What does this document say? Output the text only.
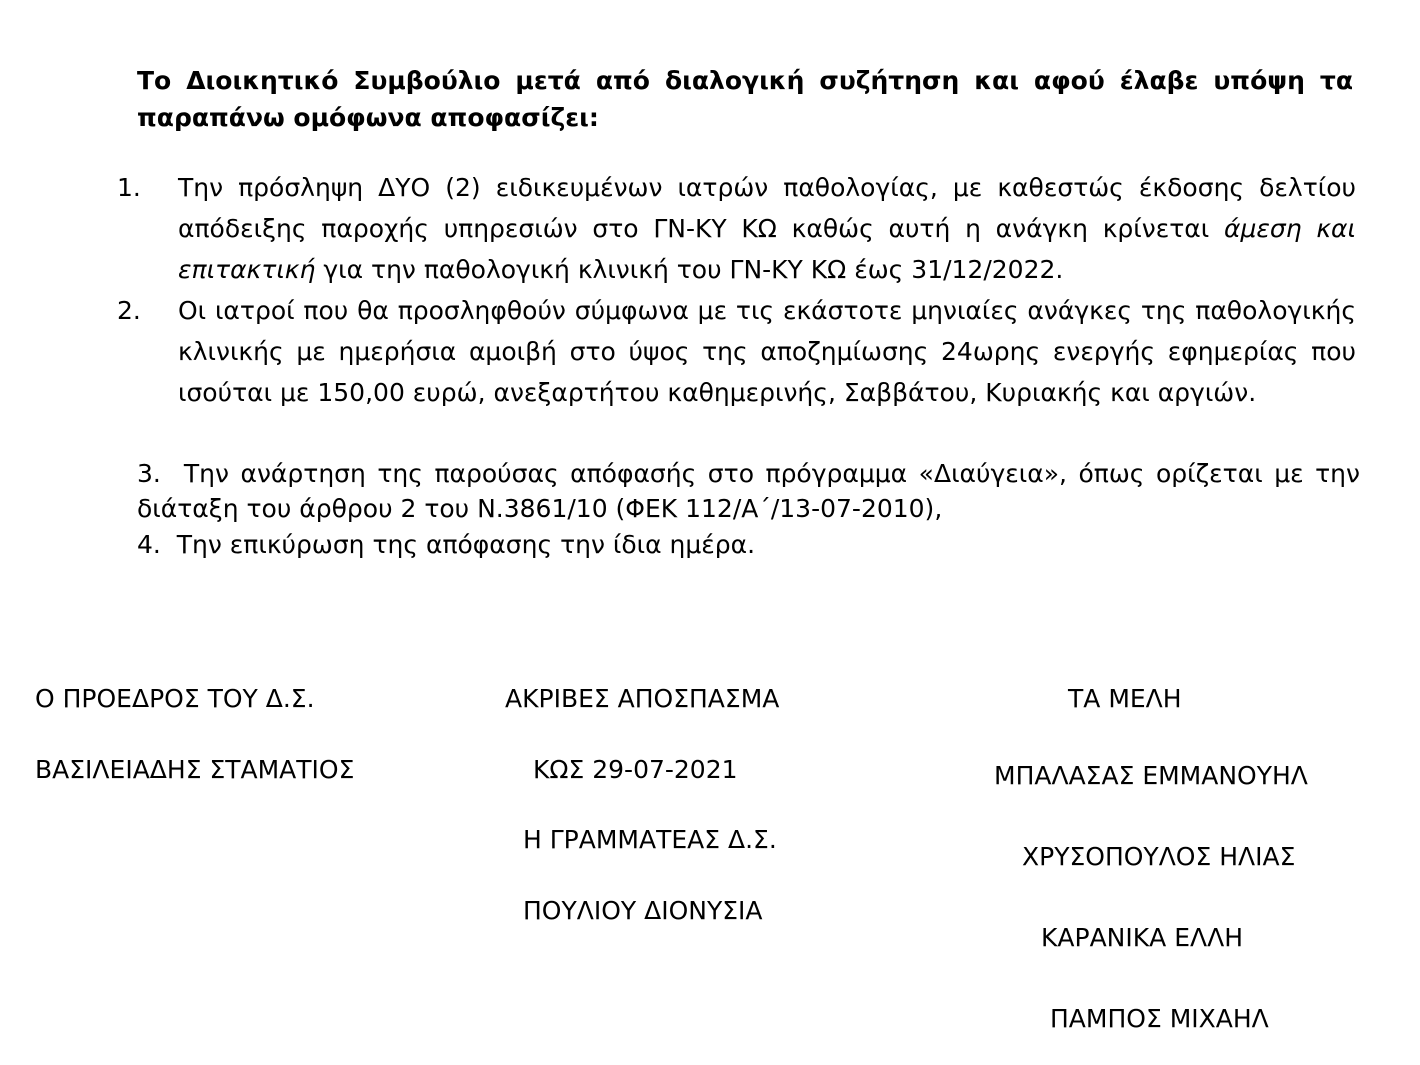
Το Διοικητικό Συμβούλιο μετά από διαλογική συζήτηση και αφού έλαβε υπόψη τα παραπάνω ομόφωνα αποφασίζει:
1. Την πρόσληψη ΔΥΟ (2) ειδικευμένων ιατρών παθολογίας, με καθεστώς έκδοσης δελτίου απόδειξης παροχής υπηρεσιών στο ΓΝ-ΚΥ ΚΩ καθώς αυτή η ανάγκη κρίνεται άμεση και επιτακτική για την παθολογική κλινική του ΓΝ-ΚΥ ΚΩ έως 31/12/2022.
2. Οι ιατροί που θα προσληφθούν σύμφωνα με τις εκάστοτε μηνιαίες ανάγκες της παθολογικής κλινικής με ημερήσια αμοιβή στο ύψος της αποζημίωσης 24ωρης ενεργής εφημερίας που ισούται με 150,00 ευρώ, ανεξαρτήτου καθημερινής, Σαββάτου, Κυριακής και αργιών.
3. Την ανάρτηση της παρούσας απόφασής στο πρόγραμμα «Διαύγεια», όπως ορίζεται με την διάταξη του άρθρου 2 του Ν.3861/10 (ΦΕΚ 112/Α΄/13-07-2010),
4. Την επικύρωση της απόφασης την ίδια ημέρα.
Ο ΠΡΟΕΔΡΟΣ ΤΟΥ Δ.Σ.
ΒΑΣΙΛΕΙΑΔΗΣ ΣΤΑΜΑΤΙΟΣ
ΑΚΡΙΒΕΣ ΑΠΟΣΠΑΣΜΑ
ΚΩΣ 29-07-2021
Η ΓΡΑΜΜΑΤΕΑΣ Δ.Σ.
ΠΟΥΛΙΟΥ ΔΙΟΝΥΣΙΑ
ΤΑ ΜΕΛΗ
ΜΠΑΛΑΣΑΣ ΕΜΜΑΝΟΥΗΛ
ΧΡΥΣΟΠΟΥΛΟΣ ΗΛΙΑΣ
ΚΑΡΑΝΙΚΑ ΕΛΛΗ
ΠΑΜΠΟΣ ΜΙΧΑΗΛ
